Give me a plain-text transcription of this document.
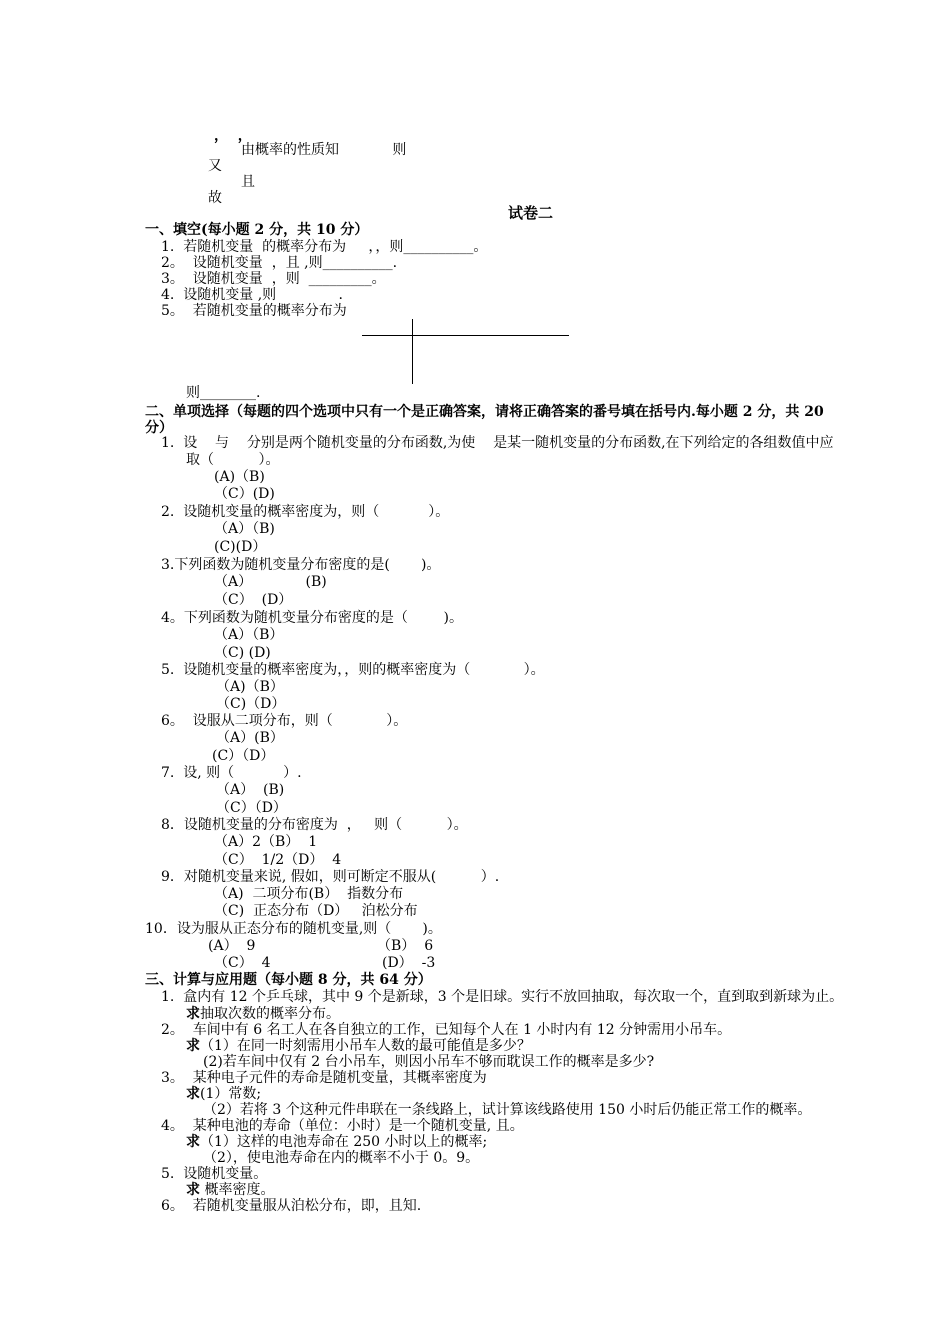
，  ，
由概率的性质知            则
又
且
故
试卷二
一、填空(每小题 2 分，共 10 分）
1.  若随机变量  的概率分布为     ，，则__________。
2。  设随机变量  ，且 ,则__________.
3。  设随机变量  ，则  _________。
4.  设随机变量 ,则              .
5。  若随机变量的概率分布为
则________.
二、单项选择（每题的四个选项中只有一个是正确答案，请将正确答案的番号填在括号内.每小题 2 分，共 20
分）
1.  设    与    分别是两个随机变量的分布函数,为使    是某一随机变量的分布函数,在下列给定的各组数值中应
取（          ）。
(A)（B)
（C）(D)
2.  设随机变量的概率密度为，则（           ）。
（A）（B)
(C)(D）
3.下列函数为随机变量分布密度的是(       )。
（A）            (B)
（C）  (D）
4。下列函数为随机变量分布密度的是（        )。
（A）（B）
（C) (D)
5.  设随机变量的概率密度为，，则的概率密度为（            ）。
（A)（B）
（C)（D）
6。  设服从二项分布，则（            ）。
（A）(B）
(C）（D）
7.  设, 则（           ）.
（A）  (B)
（C）（D）
8．设随机变量的分布密度为  ，   则（          ）。
（A）2（B）  1
（C）  1/2（D）  4
9．对随机变量来说, 假如，则可断定不服从(          ）.
（A)  二项分布(B）  指数分布
（C)  正态分布（D）   泊松分布
10．设为服从正态分布的随机变量,则（       )。
(A）  9	（B）  6
（C）  4	(D）  -3
三、计算与应用题（每小题 8 分，共 64 分）
1.  盒内有 12 个乒乓球，其中 9 个是新球，3 个是旧球。实行不放回抽取，每次取一个，直到取到新球为止。
求 抽取次数的概率分布。
2。  车间中有 6 名工人在各自独立的工作，已知每个人在 1 小时内有 12 分钟需用小吊车。
求 （1）在同一时刻需用小吊车人数的最可能值是多少？
(2)若车间中仅有 2 台小吊车，则因小吊车不够而耽误工作的概率是多少?
3。  某种电子元件的寿命是随机变量，其概率密度为
求 (1）常数;
（2）若将 3 个这种元件串联在一条线路上，试计算该线路使用 150 小时后仍能正常工作的概率。
4。  某种电池的寿命（单位：小时）是一个随机变量, 且。
求 （1）这样的电池寿命在 250 小时以上的概率;
（2），使电池寿命在内的概率不小于 0。9。
5.  设随机变量。
求 概率密度。
6。  若随机变量服从泊松分布，即，且知.
